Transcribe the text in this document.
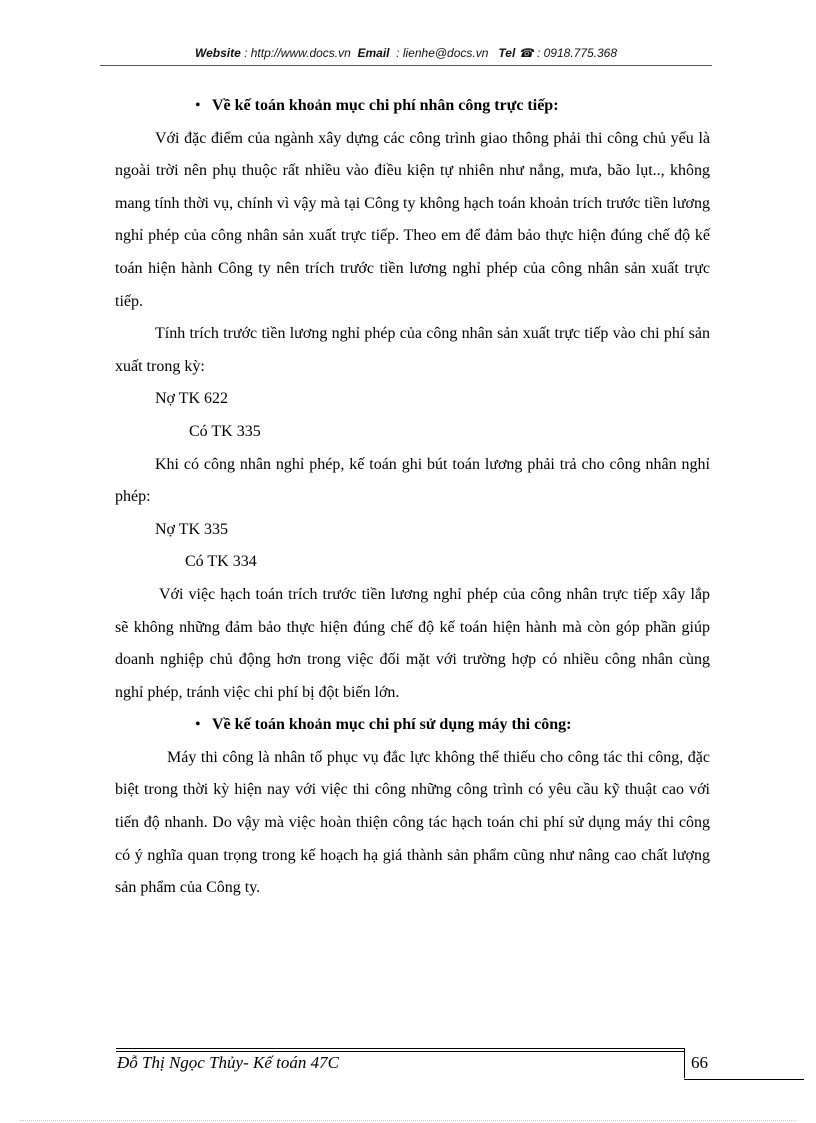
Website : http://www.docs.vn Email : lienhe@docs.vn Tel ☎ : 0918.775.368

• Về kế toán khoản mục chi phí nhân công trực tiếp:

Với đặc điểm của ngành xây dựng các công trình giao thông phải thi công chủ yếu là ngoài trời nên phụ thuộc rất nhiều vào điều kiện tự nhiên như nắng, mưa, bão lụt.., không mang tính thời vụ, chính vì vậy mà tại Công ty không hạch toán khoản trích trước tiền lương nghỉ phép của công nhân sản xuất trực tiếp. Theo em để đảm bảo thực hiện đúng chế độ kế toán hiện hành Công ty nên trích trước tiền lương nghỉ phép của công nhân sản xuất trực tiếp.

Tính trích trước tiền lương nghỉ phép của công nhân sản xuất trực tiếp vào chi phí sản xuất trong kỳ:

Nợ TK 622

Có TK 335

Khi có công nhân nghỉ phép, kế toán ghi bút toán lương phải trả cho công nhân nghỉ phép:

Nợ TK 335

Có TK 334

Với việc hạch toán trích trước tiền lương nghỉ phép của công nhân trực tiếp xây lắp sẽ không những đảm bảo thực hiện đúng chế độ kế toán hiện hành mà còn góp phần giúp doanh nghiệp chủ động hơn trong việc đối mặt với trường hợp có nhiều công nhân cùng nghỉ phép, tránh việc chi phí bị đột biến lớn.

• Về kế toán khoản mục chi phí sử dụng máy thi công:

Máy thi công là nhân tố phục vụ đắc lực không thể thiếu cho công tác thi công, đặc biệt trong thời kỳ hiện nay với việc thi công những công trình có yêu cầu kỹ thuật cao với tiến độ nhanh. Do vậy mà việc hoàn thiện công tác hạch toán chi phí sử dụng máy thi công có ý nghĩa quan trọng trong kế hoạch hạ giá thành sản phẩm cũng như nâng cao chất lượng sản phẩm của Công ty.

Đỗ Thị Ngọc Thủy- Kế toán 47C	66
